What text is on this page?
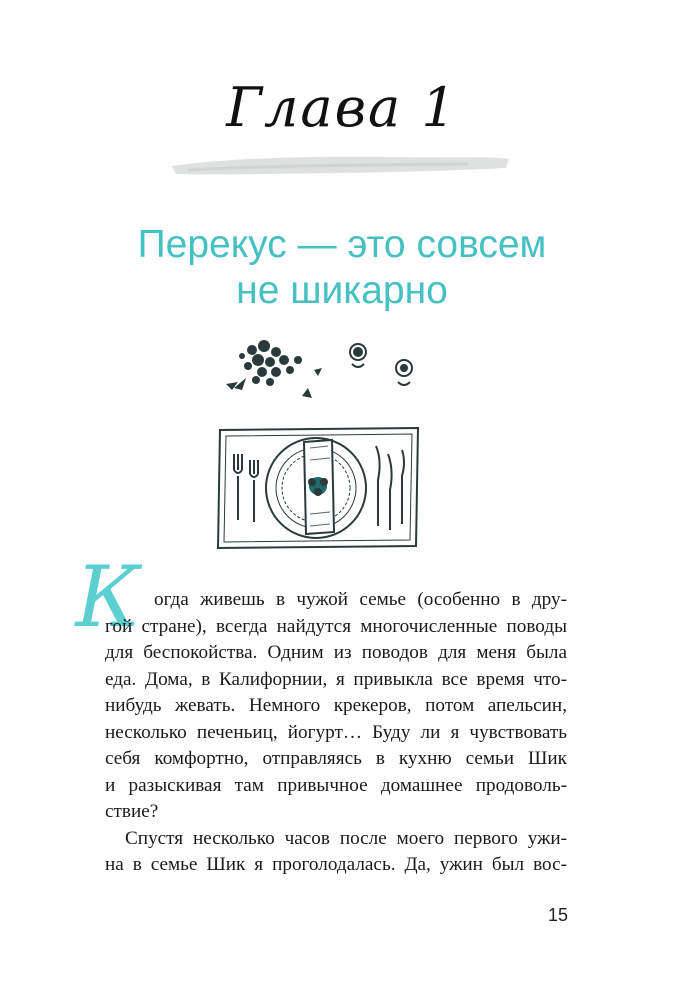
Глава 1
Перекус — это совсем
не шикарно
К огда живешь в чужой семье (особенно в дру-
гой стране), всегда найдутся многочисленные поводы
для беспокойства. Одним из поводов для меня была
еда. Дома, в Калифорнии, я привыкла все время что-
нибудь жевать. Немного крекеров, потом апельсин,
несколько печеньиц, йогурт… Буду ли я чувствовать
себя комфортно, отправляясь в кухню семьи Шик
и разыскивая там привычное домашнее продоволь-
ствие?
Спустя несколько часов после моего первого ужи-
на в семье Шик я проголодалась. Да, ужин был вос-
15
